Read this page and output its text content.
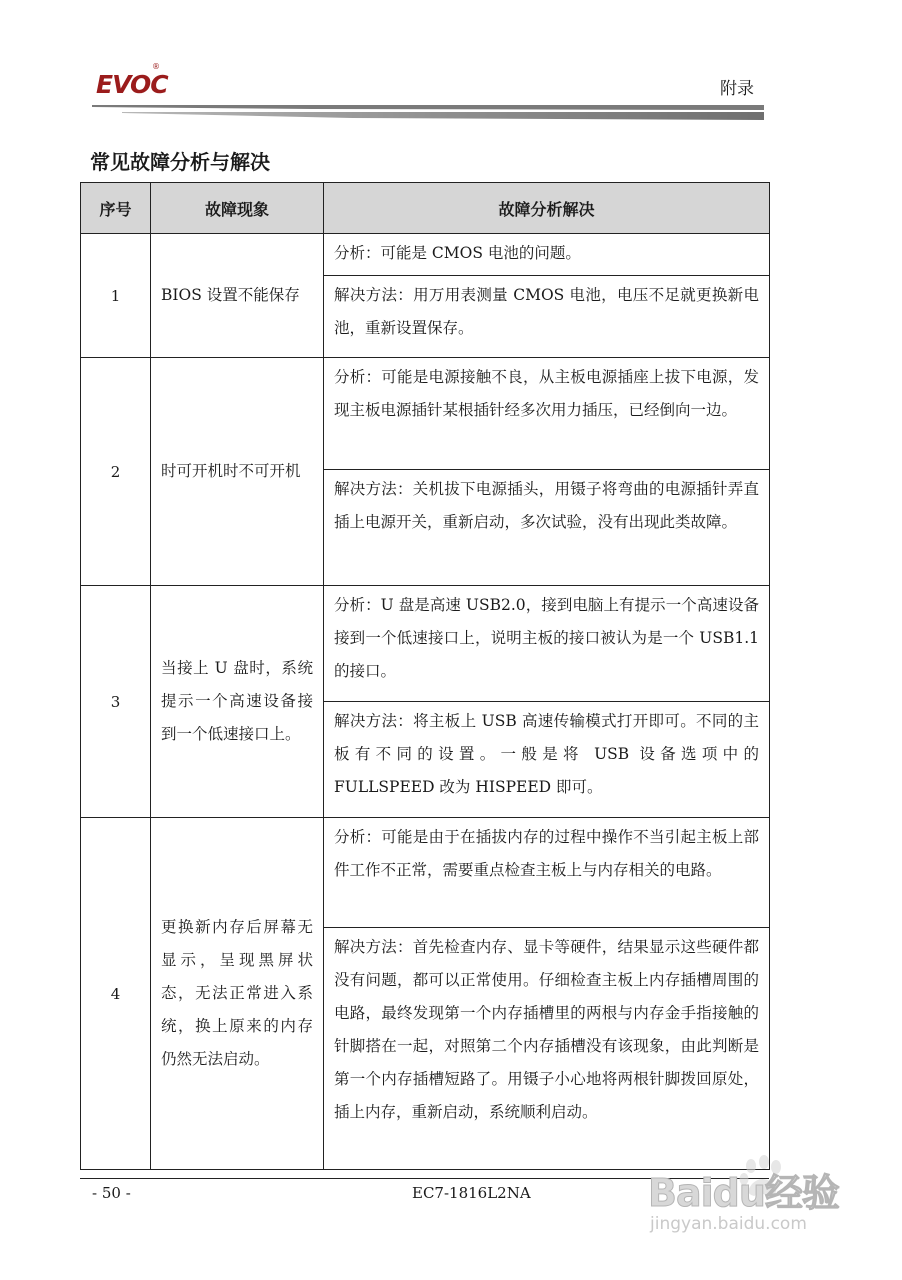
EVOC
®
附录
常见故障分析与解决
序号	故障现象	故障分析解决
1	BIOS 设置不能保存	分析：可能是 CMOS 电池的问题。
		解决方法：用万用表测量 CMOS 电池，电压不足就更换新电池，重新设置保存。
2	时可开机时不可开机	分析：可能是电源接触不良，从主板电源插座上拔下电源，发现主板电源插针某根插针经多次用力插压，已经倒向一边。
		解决方法：关机拔下电源插头，用镊子将弯曲的电源插针弄直插上电源开关，重新启动，多次试验，没有出现此类故障。
3	当接上 U 盘时，系统提示一个高速设备接到一个低速接口上。	分析：U 盘是高速 USB2.0，接到电脑上有提示一个高速设备接到一个低速接口上，说明主板的接口被认为是一个 USB1.1 的接口。
		解决方法：将主板上 USB 高速传输模式打开即可。不同的主板有不同的设置。一般是将 USB 设备选项中的 FULLSPEED 改为 HISPEED 即可。
4	更换新内存后屏幕无显示，呈现黑屏状态，无法正常进入系统，换上原来的内存仍然无法启动。	分析：可能是由于在插拔内存的过程中操作不当引起主板上部件工作不正常，需要重点检查主板上与内存相关的电路。
		解决方法：首先检查内存、显卡等硬件，结果显示这些硬件都没有问题，都可以正常使用。仔细检查主板上内存插槽周围的电路，最终发现第一个内存插槽里的两根与内存金手指接触的针脚搭在一起，对照第二个内存插槽没有该现象，由此判断是第一个内存插槽短路了。用镊子小心地将两根针脚拨回原处，插上内存，重新启动，系统顺利启动。
- 50 -	EC7-1816L2NA	Baidu经验
jingyan.baidu.com
